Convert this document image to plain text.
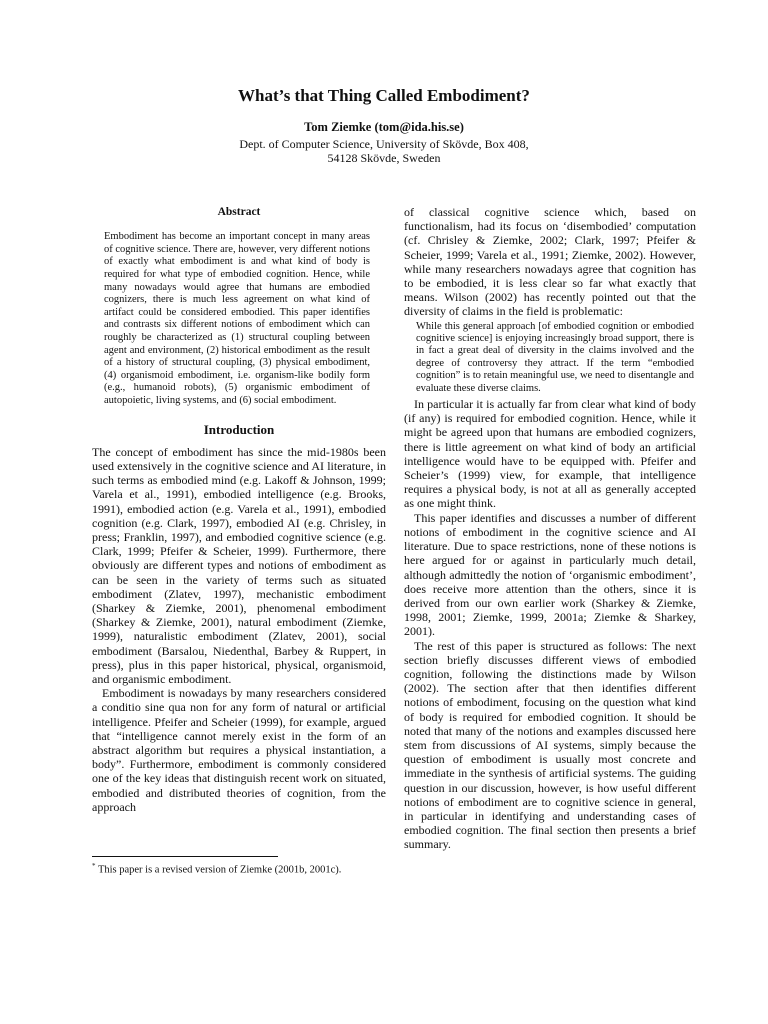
What’s that Thing Called Embodiment?
Tom Ziemke (tom@ida.his.se)
Dept. of Computer Science, University of Skövde, Box 408,
54128 Skövde, Sweden
Abstract

Embodiment has become an important concept in many areas of cognitive science. There are, however, very different notions of exactly what embodiment is and what kind of body is required for what type of embodied cognition. Hence, while many nowadays would agree that humans are embodied cognizers, there is much less agreement on what kind of artifact could be considered embodied. This paper identifies and contrasts six different notions of embodiment which can roughly be characterized as (1) structural coupling between agent and environment, (2) historical embodiment as the result of a history of structural coupling, (3) physical embodiment, (4) organismoid embodiment, i.e. organism-like bodily form (e.g., humanoid robots), (5) organismic embodiment of autopoietic, living systems, and (6) social embodiment.

Introduction

The concept of embodiment has since the mid-1980s been used extensively in the cognitive science and AI literature, in such terms as embodied mind (e.g. Lakoff & Johnson, 1999; Varela et al., 1991), embodied intelligence (e.g. Brooks, 1991), embodied action (e.g. Varela et al., 1991), embodied cognition (e.g. Clark, 1997), embodied AI (e.g. Chrisley, in press; Franklin, 1997), and embodied cognitive science (e.g. Clark, 1999; Pfeifer & Scheier, 1999). Furthermore, there obviously are different types and notions of embodiment as can be seen in the variety of terms such as situated embodiment (Zlatev, 1997), mechanistic embodiment (Sharkey & Ziemke, 2001), phenomenal embodiment (Sharkey & Ziemke, 2001), natural embodiment (Ziemke, 1999), naturalistic embodiment (Zlatev, 2001), social embodiment (Barsalou, Niedenthal, Barbey & Ruppert, in press), plus in this paper historical, physical, organismoid, and organismic embodiment.

Embodiment is nowadays by many researchers considered a conditio sine qua non for any form of natural or artificial intelligence. Pfeifer and Scheier (1999), for example, argued that “intelligence cannot merely exist in the form of an abstract algorithm but requires a physical instantiation, a body”. Furthermore, embodiment is commonly considered one of the key ideas that distinguish recent work on situated, embodied and distributed theories of cognition, from the approach

of classical cognitive science which, based on functionalism, had its focus on ‘disembodied’ computation (cf. Chrisley & Ziemke, 2002; Clark, 1997; Pfeifer & Scheier, 1999; Varela et al., 1991; Ziemke, 2002). However, while many researchers nowadays agree that cognition has to be embodied, it is less clear so far what exactly that means. Wilson (2002) has recently pointed out that the diversity of claims in the field is problematic:

While this general approach [of embodied cognition or embodied cognitive science] is enjoying increasingly broad support, there is in fact a great deal of diversity in the claims involved and the degree of controversy they attract. If the term “embodied cognition” is to retain meaningful use, we need to disentangle and evaluate these diverse claims.

In particular it is actually far from clear what kind of body (if any) is required for embodied cognition. Hence, while it might be agreed upon that humans are embodied cognizers, there is little agreement on what kind of body an artificial intelligence would have to be equipped with. Pfeifer and Scheier’s (1999) view, for example, that intelligence requires a physical body, is not at all as generally accepted as one might think.

This paper identifies and discusses a number of different notions of embodiment in the cognitive science and AI literature. Due to space restrictions, none of these notions is here argued for or against in particularly much detail, although admittedly the notion of ‘organismic embodiment’, does receive more attention than the others, since it is derived from our own earlier work (Sharkey & Ziemke, 1998, 2001; Ziemke, 1999, 2001a; Ziemke & Sharkey, 2001).

The rest of this paper is structured as follows: The next section briefly discusses different views of embodied cognition, following the distinctions made by Wilson (2002). The section after that then identifies different notions of embodiment, focusing on the question what kind of body is required for embodied cognition. It should be noted that many of the notions and examples discussed here stem from discussions of AI systems, simply because the question of embodiment is usually most concrete and immediate in the synthesis of artificial systems. The guiding question in our discussion, however, is how useful different notions of embodiment are to cognitive science in general, in particular in identifying and understanding cases of embodied cognition. The final section then presents a brief summary.

* This paper is a revised version of Ziemke (2001b, 2001c).
